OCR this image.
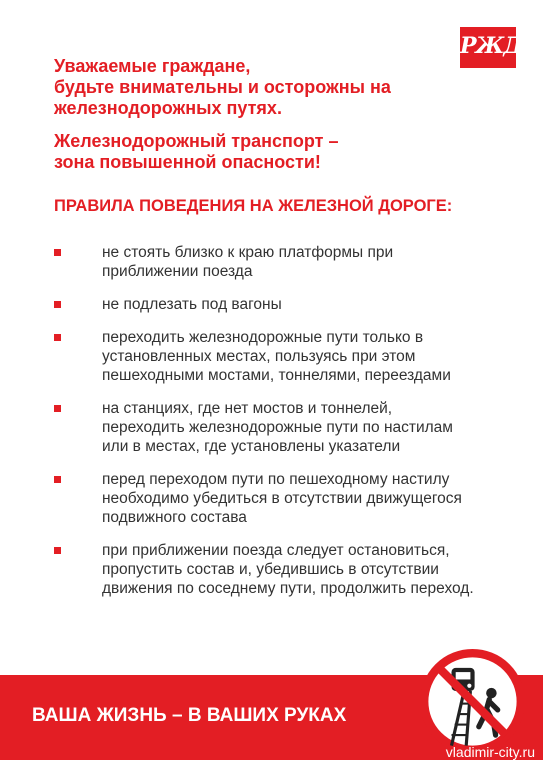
РЖД

Уважаемые граждане,
будьте внимательны и осторожны на
железнодорожных путях.

Железнодорожный транспорт –
зона повышенной опасности!

ПРАВИЛА ПОВЕДЕНИЯ НА ЖЕЛЕЗНОЙ ДОРОГЕ:
не стоять близко к краю платформы при приближении поезда
не подлезать под вагоны
переходить железнодорожные пути только в установленных местах, пользуясь при этом пешеходными мостами, тоннелями, переездами
на станциях, где нет мостов и тоннелей, переходить железнодорожные пути по настилам или в местах, где установлены указатели
перед переходом пути по пешеходному настилу необходимо убедиться в отсутствии движущегося подвижного состава
при приближении поезда следует остановиться, пропустить состав и, убедившись в отсутствии движения по соседнему пути, продолжить переход.
ВАША ЖИЗНЬ – В ВАШИХ РУКАХ
vladimir-city.ru
